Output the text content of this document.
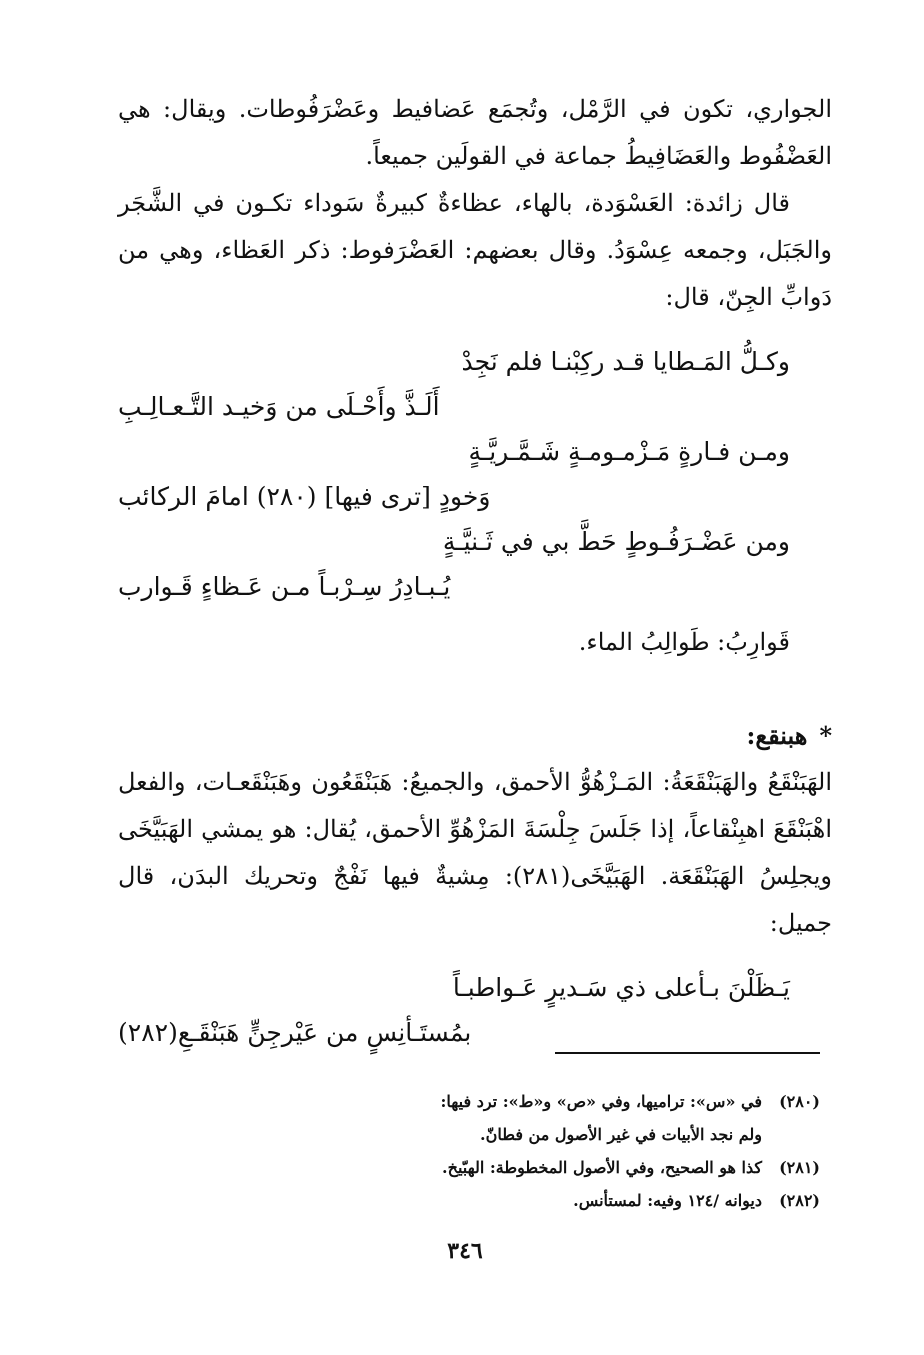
الجواري، تكون في الرَّمْل، وتُجمَع عَضافيط وعَضْرَفُوطات. ويقال: هي العَضْفُوط والعَضَافِيطُ جماعة في القولَين جميعاً.

قال زائدة: العَسْوَدة، بالهاء، عظاءةٌ كبيرةٌ سَوداء تكـون في الشَّجَر والجَبَل، وجمعه عِسْوَدُ. وقال بعضهم: العَضْرَفوط: ذكر العَظاء، وهي من دَوابِّ الجِنّ، قال:

وكـلُّ المَـطايا قـد ركِبْنـا فلم نَجِدْ

أَلَـذَّ وأَحْـلَى من وَخيـد التَّـعـالِـبِ

ومـن فـارةٍ مَـزْمـومـةٍ شَـمَّـريَّـةٍ

وَخودٍ [ترى فيها] (٢٨٠) امامَ الركائب

ومن عَضْـرَفُـوطٍ حَطَّ بي في ثَـنيَّـةٍ

يُـبـادِرُ سِـرْبـاً مـن عَـظاءٍ قَـوارب

قَوارِبُ: طَوالِبُ الماء.

*هبنقع:

الهَبَنْقَعُ والهَبَنْقَعَةُ: المَـزْهُوُّ الأحمق، والجميعُ: هَبَنْقَعُون وهَبَنْقَعـات، والفعل اهْبَنْقَعَ اهبِنْقاعاً، إذا جَلَسَ جِلْسَةَ المَزْهُوِّ الأحمق، يُقال: هو يمشي الهَبَيَّخَى ويجلِسُ الهَبَنْقَعَة. الهَبَيَّخَى(٢٨١): مِشيةٌ فيها نَفْجٌ وتحريك البدَن، قال جميل:

يَـظَلْنَ بـأعلى ذي سَـديرٍ عَـواطبـاً

بمُستَـأنِسٍ من عَيْرجِنٍّ هَبَنْقَـعِ(٢٨٢)

(٢٨٠)
في «س»: تراميها، وفي «ص» و«ط»: ترد فيها:
ولم نجد الأبيات في غير الأصول من فطانّ.
(٢٨١)
كذا هو الصحيح، وفي الأصول المخطوطة: الهبّيخ.
(٢٨٢)
ديوانه /١٢٤ وفيه: لمستأنس.
٣٤٦
